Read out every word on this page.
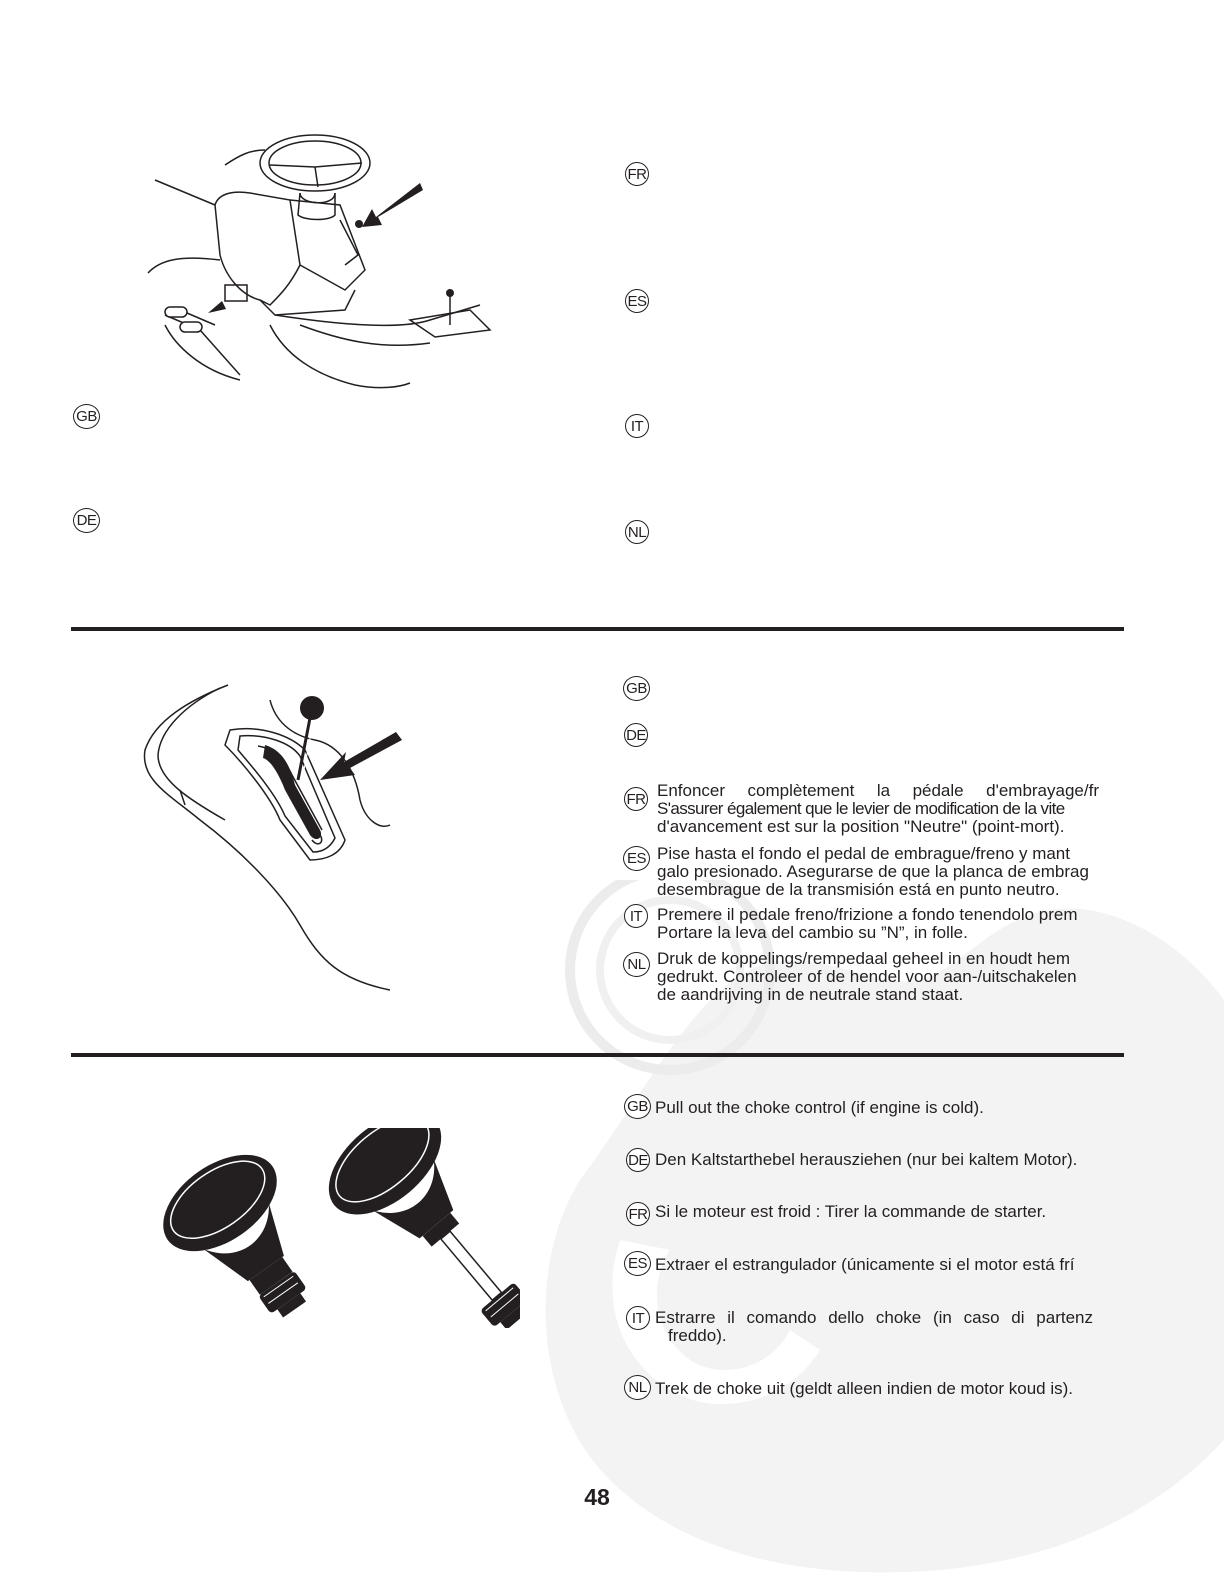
GB
DE
FR
ES
IT
NL
GB
DE
FR Enfoncer complètement la pédale d'embrayage/fr
S'assurer également que le levier de modification de la vite
d'avancement est sur la position "Neutre" (point-mort).
ES Pise hasta el fondo el pedal de embrague/freno y mant
galo presionado. Asegurarse de que la planca de embrag
desembrague de la transmisión está en punto neutro.
IT Premere il pedale freno/frizione a fondo tenendolo prem
Portare la leva del cambio su ”N”, in folle.
NL Druk de koppelings/rempedaal geheel in en houdt hem
gedrukt. Controleer of de hendel voor aan-/uitschakelen
de aandrijving in de neutrale stand staat.
GB Pull out the choke control (if engine is cold).
DE Den Kaltstarthebel herausziehen (nur bei kaltem Motor).
FR Si le moteur est froid : Tirer la commande de starter.
ES Extraer el estrangulador (únicamente si el motor está frí
IT Estrarre il comando dello choke (in caso di partenz
freddo).
NL Trek de choke uit (geldt alleen indien de motor koud is).
48
